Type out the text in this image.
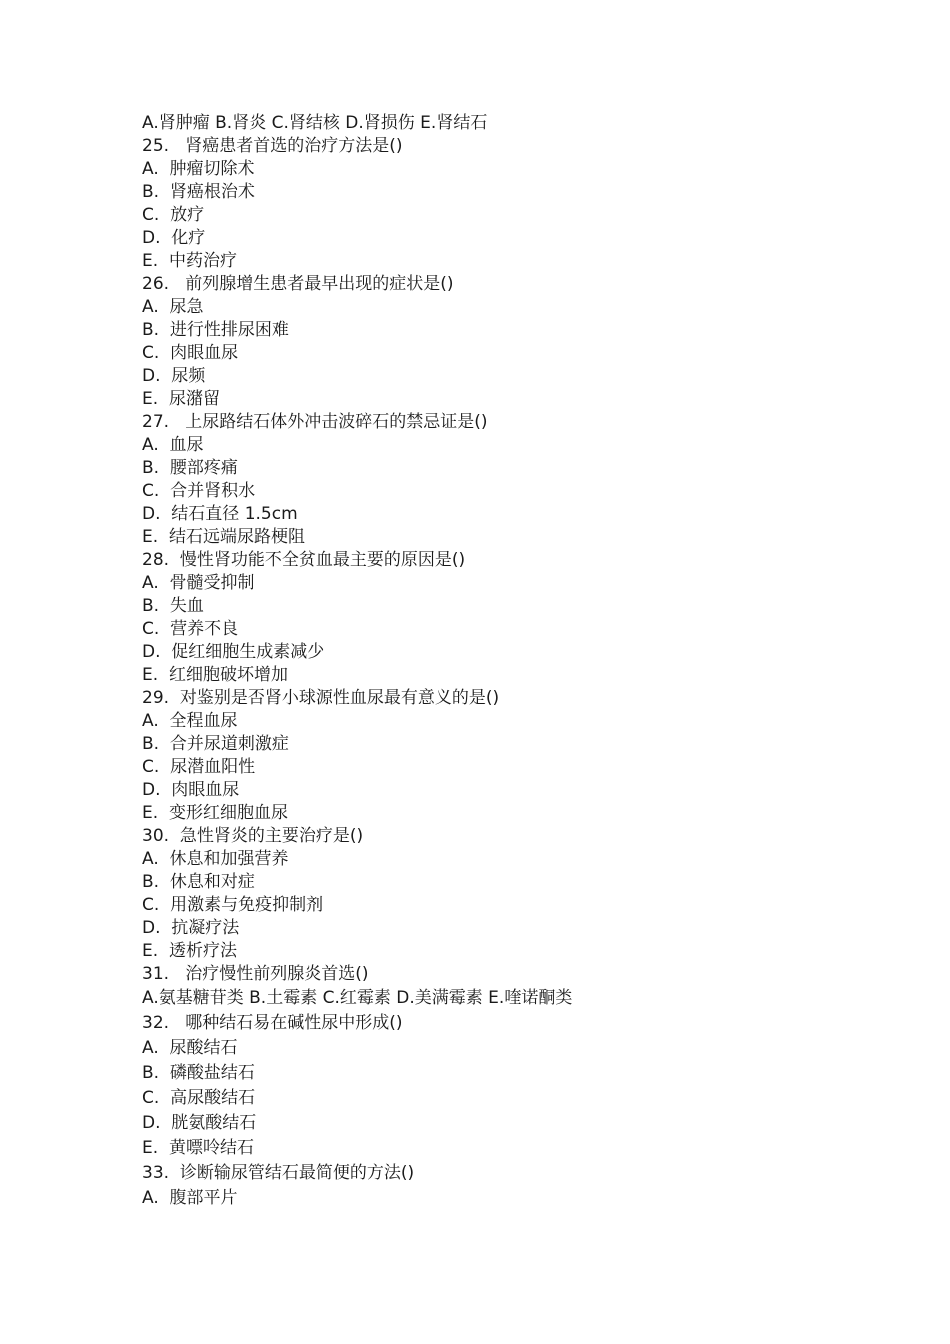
A.肾肿瘤 B.肾炎 C.肾结核 D.肾损伤 E.肾结石

25.   肾癌患者首选的治疗方法是()

A.  肿瘤切除术

B.  肾癌根治术

C.  放疗

D.  化疗

E.  中药治疗

26.   前列腺增生患者最早出现的症状是()

A.  尿急

B.  进行性排尿困难

C.  肉眼血尿

D.  尿频

E.  尿潴留

27.   上尿路结石体外冲击波碎石的禁忌证是()

A.  血尿

B.  腰部疼痛

C.  合并肾积水

D.  结石直径 1.5cm

E.  结石远端尿路梗阻

28.  慢性肾功能不全贫血最主要的原因是()

A.  骨髓受抑制

B.  失血

C.  营养不良

D.  促红细胞生成素减少

E.  红细胞破坏增加

29.  对鉴别是否肾小球源性血尿最有意义的是()

A.  全程血尿

B.  合并尿道刺激症

C.  尿潜血阳性

D.  肉眼血尿

E.  变形红细胞血尿

30.  急性肾炎的主要治疗是()

A.  休息和加强营养

B.  休息和对症

C.  用激素与免疫抑制剂

D.  抗凝疗法

E.  透析疗法

31.   治疗慢性前列腺炎首选()

A.氨基糖苷类 B.土霉素 C.红霉素 D.美满霉素 E.喹诺酮类

32.   哪种结石易在碱性尿中形成()

A.  尿酸结石

B.  磷酸盐结石

C.  高尿酸结石

D.  胱氨酸结石

E.  黄嘌呤结石

33.  诊断输尿管结石最简便的方法()

A.  腹部平片
